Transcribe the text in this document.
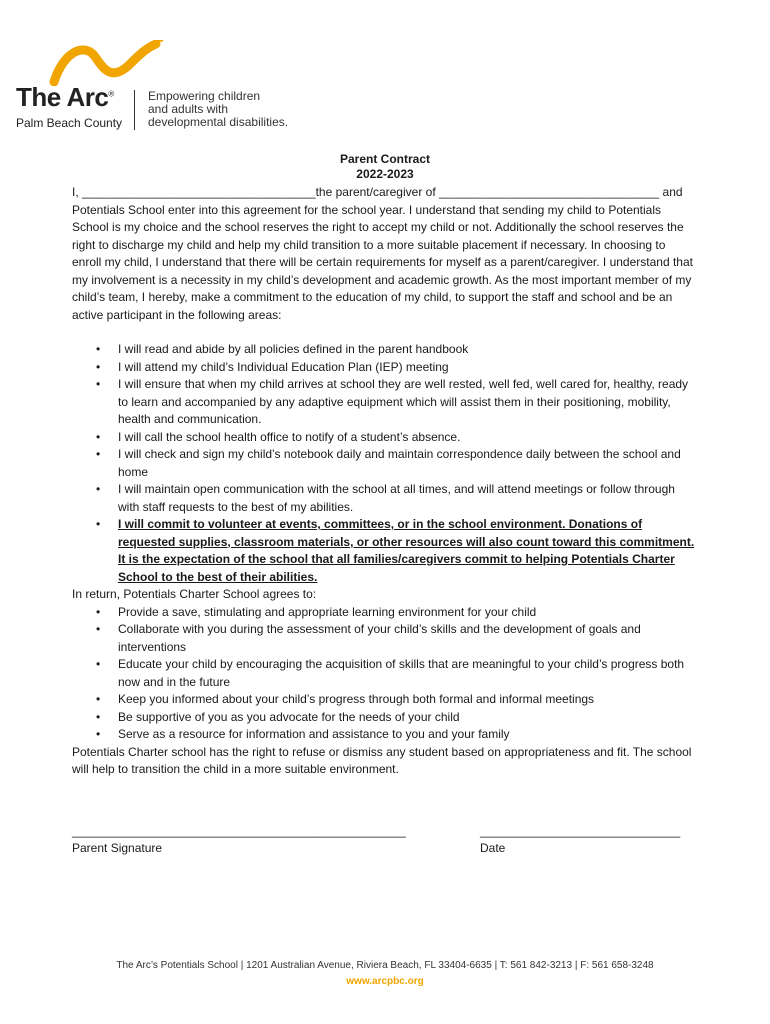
The Arc®
Palm Beach County
Empowering children
and adults with
developmental disabilities.
Parent Contract
2022-2023

I, ___________________________________the parent/caregiver of _________________________________ and Potentials School enter into this agreement for the school year. I understand that sending my child to Potentials School is my choice and the school reserves the right to accept my child or not. Additionally the school reserves the right to discharge my child and help my child transition to a more suitable placement if necessary. In choosing to enroll my child, I understand that there will be certain requirements for myself as a parent/caregiver. I understand that my involvement is a necessity in my child’s development and academic growth. As the most important member of my child’s team, I hereby, make a commitment to the education of my child, to support the staff and school and be an active participant in the following areas:

• I will read and abide by all policies defined in the parent handbook
• I will attend my child’s Individual Education Plan (IEP) meeting
• I will ensure that when my child arrives at school they are well rested, well fed, well cared for, healthy, ready to learn and accompanied by any adaptive equipment which will assist them in their positioning, mobility, health and communication.
• I will call the school health office to notify of a student’s absence.
• I will check and sign my child’s notebook daily and maintain correspondence daily between the school and home
• I will maintain open communication with the school at all times, and will attend meetings or follow through with staff requests to the best of my abilities.
• I will commit to volunteer at events, committees, or in the school environment. Donations of requested supplies, classroom materials, or other resources will also count toward this commitment. It is the expectation of the school that all families/caregivers commit to helping Potentials Charter School to the best of their abilities.

In return, Potentials Charter School agrees to:

• Provide a save, stimulating and appropriate learning environment for your child
• Collaborate with you during the assessment of your child’s skills and the development of goals and interventions
• Educate your child by encouraging the acquisition of skills that are meaningful to your child’s progress both now and in the future
• Keep you informed about your child’s progress through both formal and informal meetings
• Be supportive of you as you advocate for the needs of your child
• Serve as a resource for information and assistance to you and your family

Potentials Charter school has the right to refuse or dismiss any student based on appropriateness and fit. The school will help to transition the child in a more suitable environment.

__________________________________________________
Parent Signature
______________________________
Date
The Arc’s Potentials School | 1201 Australian Avenue, Riviera Beach, FL 33404-6635 | T: 561 842-3213 | F: 561 658-3248
www.arcpbc.org
